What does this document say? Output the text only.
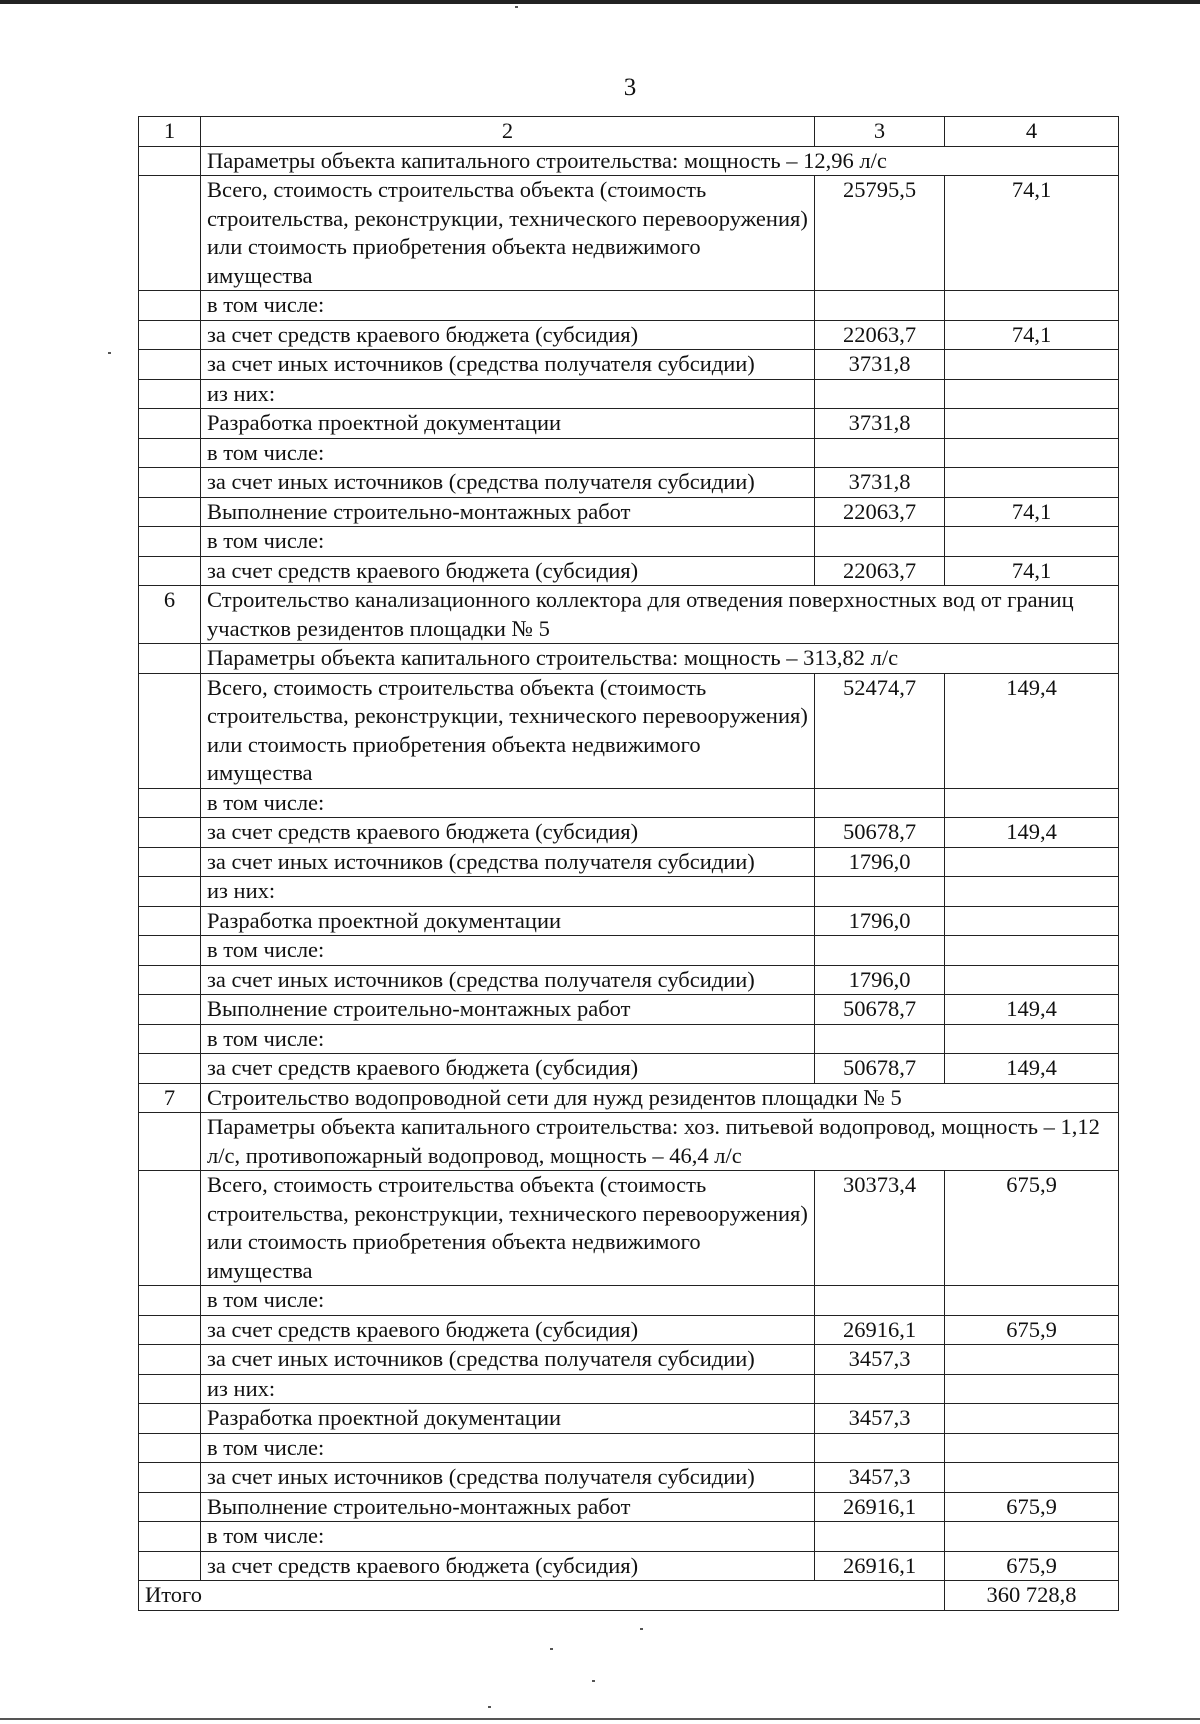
3
1	2	3	4
	Параметры объекта капитального строительства: мощность – 12,96 л/с		
	Всего, стоимость строительства объекта (стоимость строительства, реконструкции, технического перевооружения) или стоимость приобретения объекта недвижимого имущества	25795,5	74,1
	в том числе:		
	за счет средств краевого бюджета (субсидия)	22063,7	74,1
	за счет иных источников (средства получателя субсидии)	3731,8	
	из них:		
	Разработка проектной документации	3731,8	
	в том числе:		
	за счет иных источников (средства получателя субсидии)	3731,8	
	Выполнение строительно-монтажных работ	22063,7	74,1
	в том числе:		
	за счет средств краевого бюджета (субсидия)	22063,7	74,1
6	Строительство канализационного коллектора для отведения поверхностных вод от границ участков резидентов площадки № 5		
	Параметры объекта капитального строительства: мощность – 313,82 л/с		
	Всего, стоимость строительства объекта (стоимость строительства, реконструкции, технического перевооружения) или стоимость приобретения объекта недвижимого имущества	52474,7	149,4
	в том числе:		
	за счет средств краевого бюджета (субсидия)	50678,7	149,4
	за счет иных источников (средства получателя субсидии)	1796,0	
	из них:		
	Разработка проектной документации	1796,0	
	в том числе:		
	за счет иных источников (средства получателя субсидии)	1796,0	
	Выполнение строительно-монтажных работ	50678,7	149,4
	в том числе:		
	за счет средств краевого бюджета (субсидия)	50678,7	149,4
7	Строительство водопроводной сети для нужд резидентов площадки № 5		
	Параметры объекта капитального строительства: хоз. питьевой водопровод, мощность – 1,12 л/с, противопожарный водопровод, мощность – 46,4 л/с		
	Всего, стоимость строительства объекта (стоимость строительства, реконструкции, технического перевооружения) или стоимость приобретения объекта недвижимого имущества	30373,4	675,9
	в том числе:		
	за счет средств краевого бюджета (субсидия)	26916,1	675,9
	за счет иных источников (средства получателя субсидии)	3457,3	
	из них:		
	Разработка проектной документации	3457,3	
	в том числе:		
	за счет иных источников (средства получателя субсидии)	3457,3	
	Выполнение строительно-монтажных работ	26916,1	675,9
	в том числе:		
	за счет средств краевого бюджета (субсидия)	26916,1	675,9
Итого			360 728,8
